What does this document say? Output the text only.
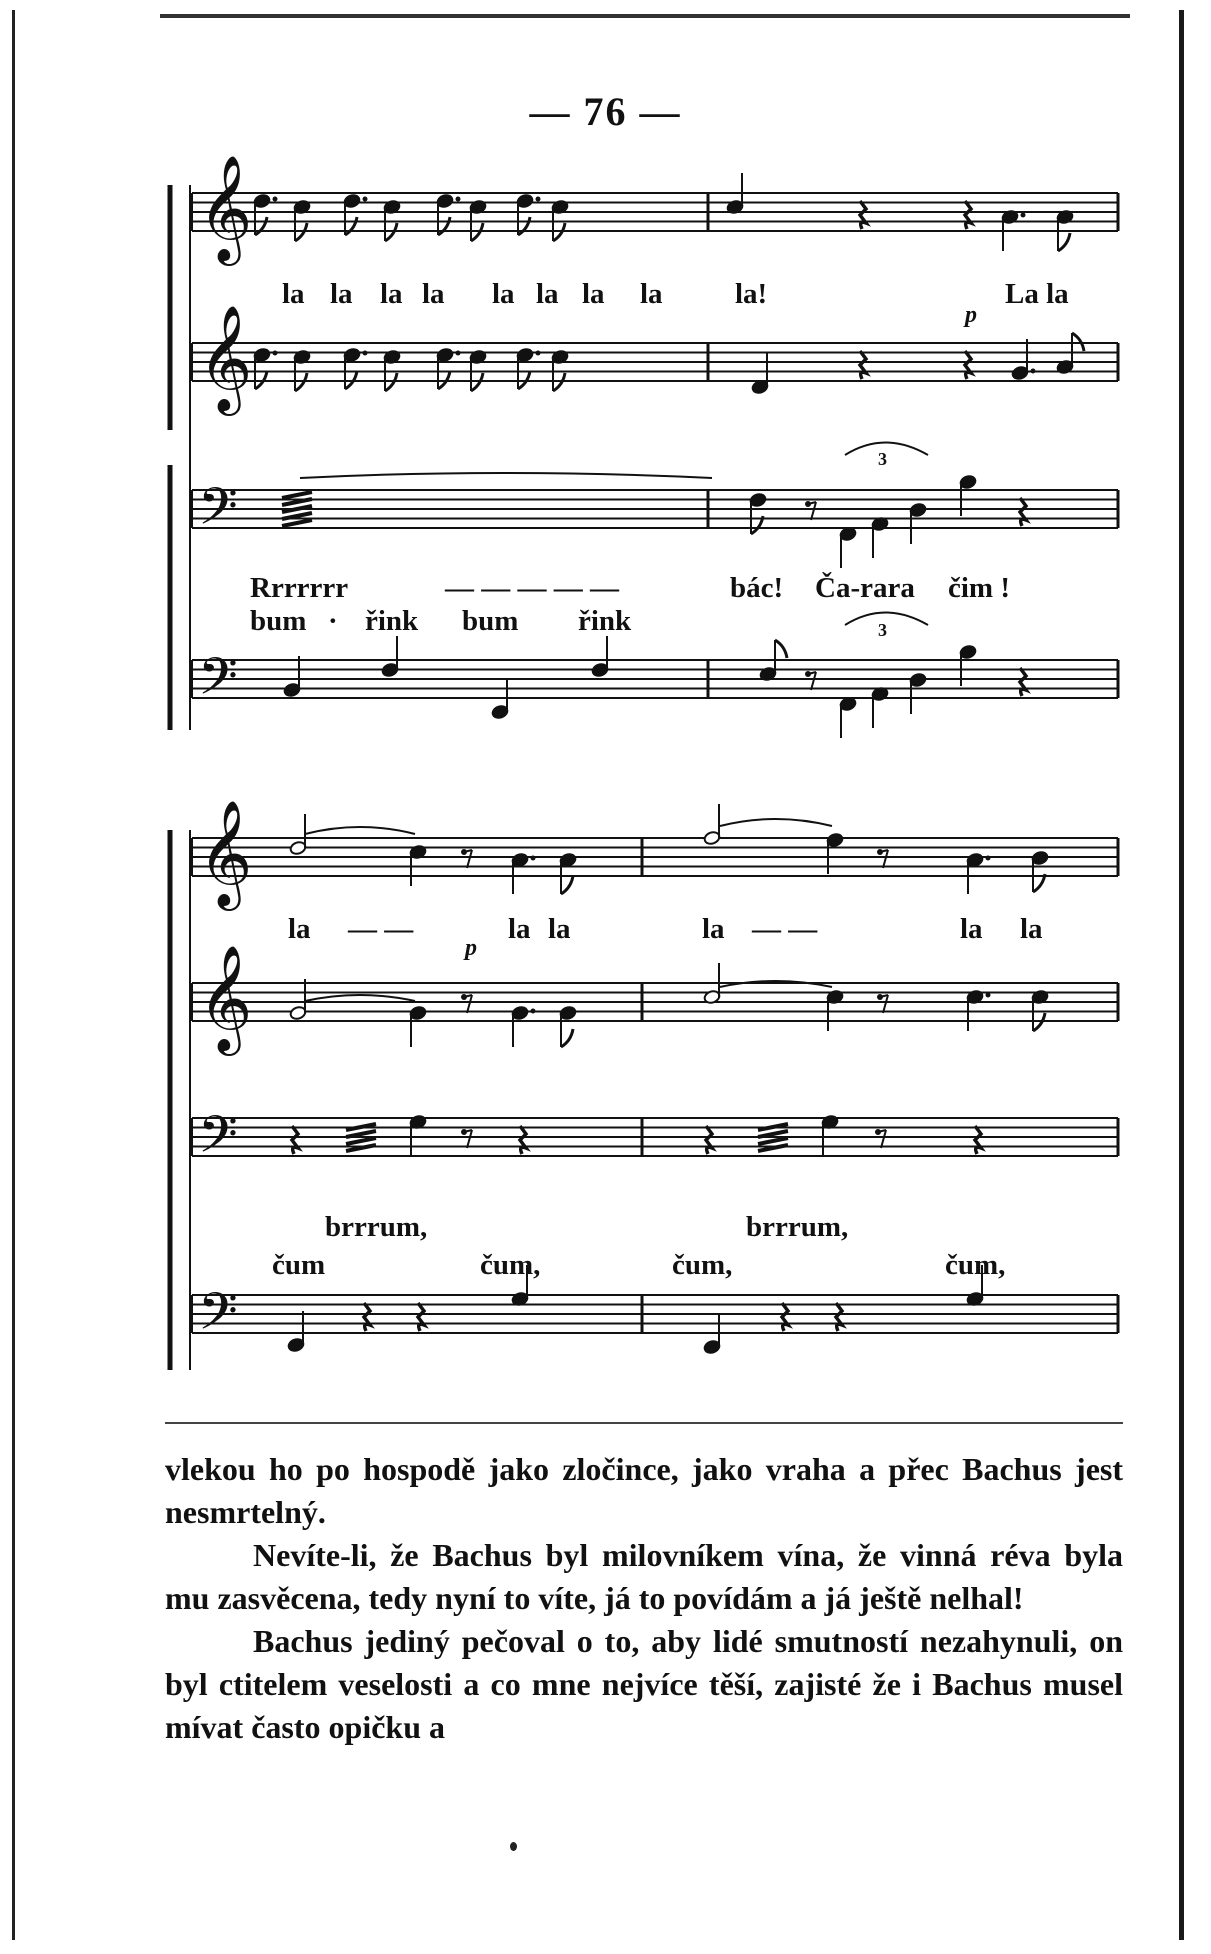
— 76 —
𝄞
𝄞
𝄢
𝄢
𝄞
𝄞
𝄢
𝄢
3
3
la la la la la la la la la!	La la
p
Rrrrrrr	— — — — —	bác! Ča-rara čim !
bum · řink bum řink
la — —	la la	la — —	la la
p
brrrum,	brrrum,
čum	čum,	čum,	čum,

vlekou ho po hospodě jako zločince, jako vraha a přec Bachus jest nesmrtelný.

Nevíte-li, že Bachus byl milovníkem vína, že vinná réva byla mu zasvěcena, tedy nyní to víte, já to povídám a já ještě nelhal!

Bachus jediný pečoval o to, aby lidé smutností nezahynuli, on byl ctitelem veselosti a co mne nejvíce těší, zajisté že i Bachus musel mívat často opičku a
